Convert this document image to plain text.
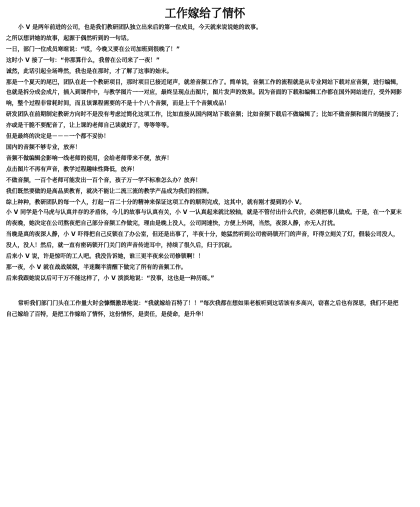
工作嫁给了情怀

小 V 是两年前进的公司，也是我们教研团队独立出来后的第一位成员，今天就来说说她的故事。

之所以想讲她的故事，起源于偶然听到的一句话。

一日，部门一位成员寒暄说：“哎，今晚又要在公司加班到很晚了！”

这时小 V 接了一句：“你那算什么，我曾在公司来了一夜！”

诚然，此话引起全场哗然，我也是在那时，才了解了这事的始末。

那是一个夏天的尾巴，团队在赶一个教研项目，那时项目已接近尾声，就差音频工作了。简单说，音频工作的流程就是从专业网站下载对应音频，进行编辑，也就是拆分成会成片，插入到课件中，与教学图片一一对应，最终呈现点击图片，图片发声的效果。因为音面的下载和编辑工作都在国外网站进行，受外网影响，整个过程非常耗时间，而且该课程需要的不是十个八个音频，而是上千个音频成品！

研发团队在前期制定教研方向时不是没有考虑过简化这项工作，比如直接从国内网站下载音频；比如音频下载后不做编辑了；比如不做音频和图片的链接了；亦或是干脆不要配音了，让上课的老师自己读就好了，等等等等。

但是最终的决定是－－－一个都不妥协！

国内的音频不够专业，放弃！

音频不做编辑会影响一线老师的使用，会给老师带来不便，放弃！

点击图片不再有声音，教学过程趣味性降低，放弃！

不做音频，一百个老师可能发出一百个音，孩子万一学不标准怎么办？放弃！

我们既然要做的是高品质教育，就决不能让二流三流的教学产品成为我们的招牌。

综上种种，教研团队的每一个人，打起一百二十分的精神来保证这项工作的顺利完成，这其中，就有刚才提到的小 V。

小 V 同学是个马虎与认真并存的矛盾体，今儿的故事与认真有关，小 V 一认真起来就比较轴，就是不管付出什么代价，必须把事儿做成。于是，在一个夏末的夜晚，她决定在公司熬夜把自己部分音频工作做完，理由是晚上没人，公司网速快，方便上外网，当然，夜深人静，亦无人打扰。

当晚是真的夜深人静，小 V 吓得把自己反锁在了办公室，但还是出事了，半夜十分，她猛然听到公司密码锁开门的声音，吓得立刻关了灯，假装公司没人，没人，没人！然后，就一直有密码锁开门关门的声音传进耳中，持续了很久后，归于沉寂。

后来小 V 说，许是惊吓的工人吧。我没告诉她，谁三更半夜来公司修锁啊！！

那一夜，小 V 就在战战兢兢，半迷糊半清醒下做完了所有的音频工作。

后来我跟她说以后可千万不能这样了，小 V 淡淡地说：“没事，这也是一种历练。”

常听我们部门门头在工作量大时会慷慨激昂地说：“我就嫁给百特了！！”每次我都在想如果老板听到这话该有多高兴，窃喜之后也有深思，我们不是把自己嫁给了百特，是把工作嫁给了情怀，这份情怀，是责任，是使命，是升华！
